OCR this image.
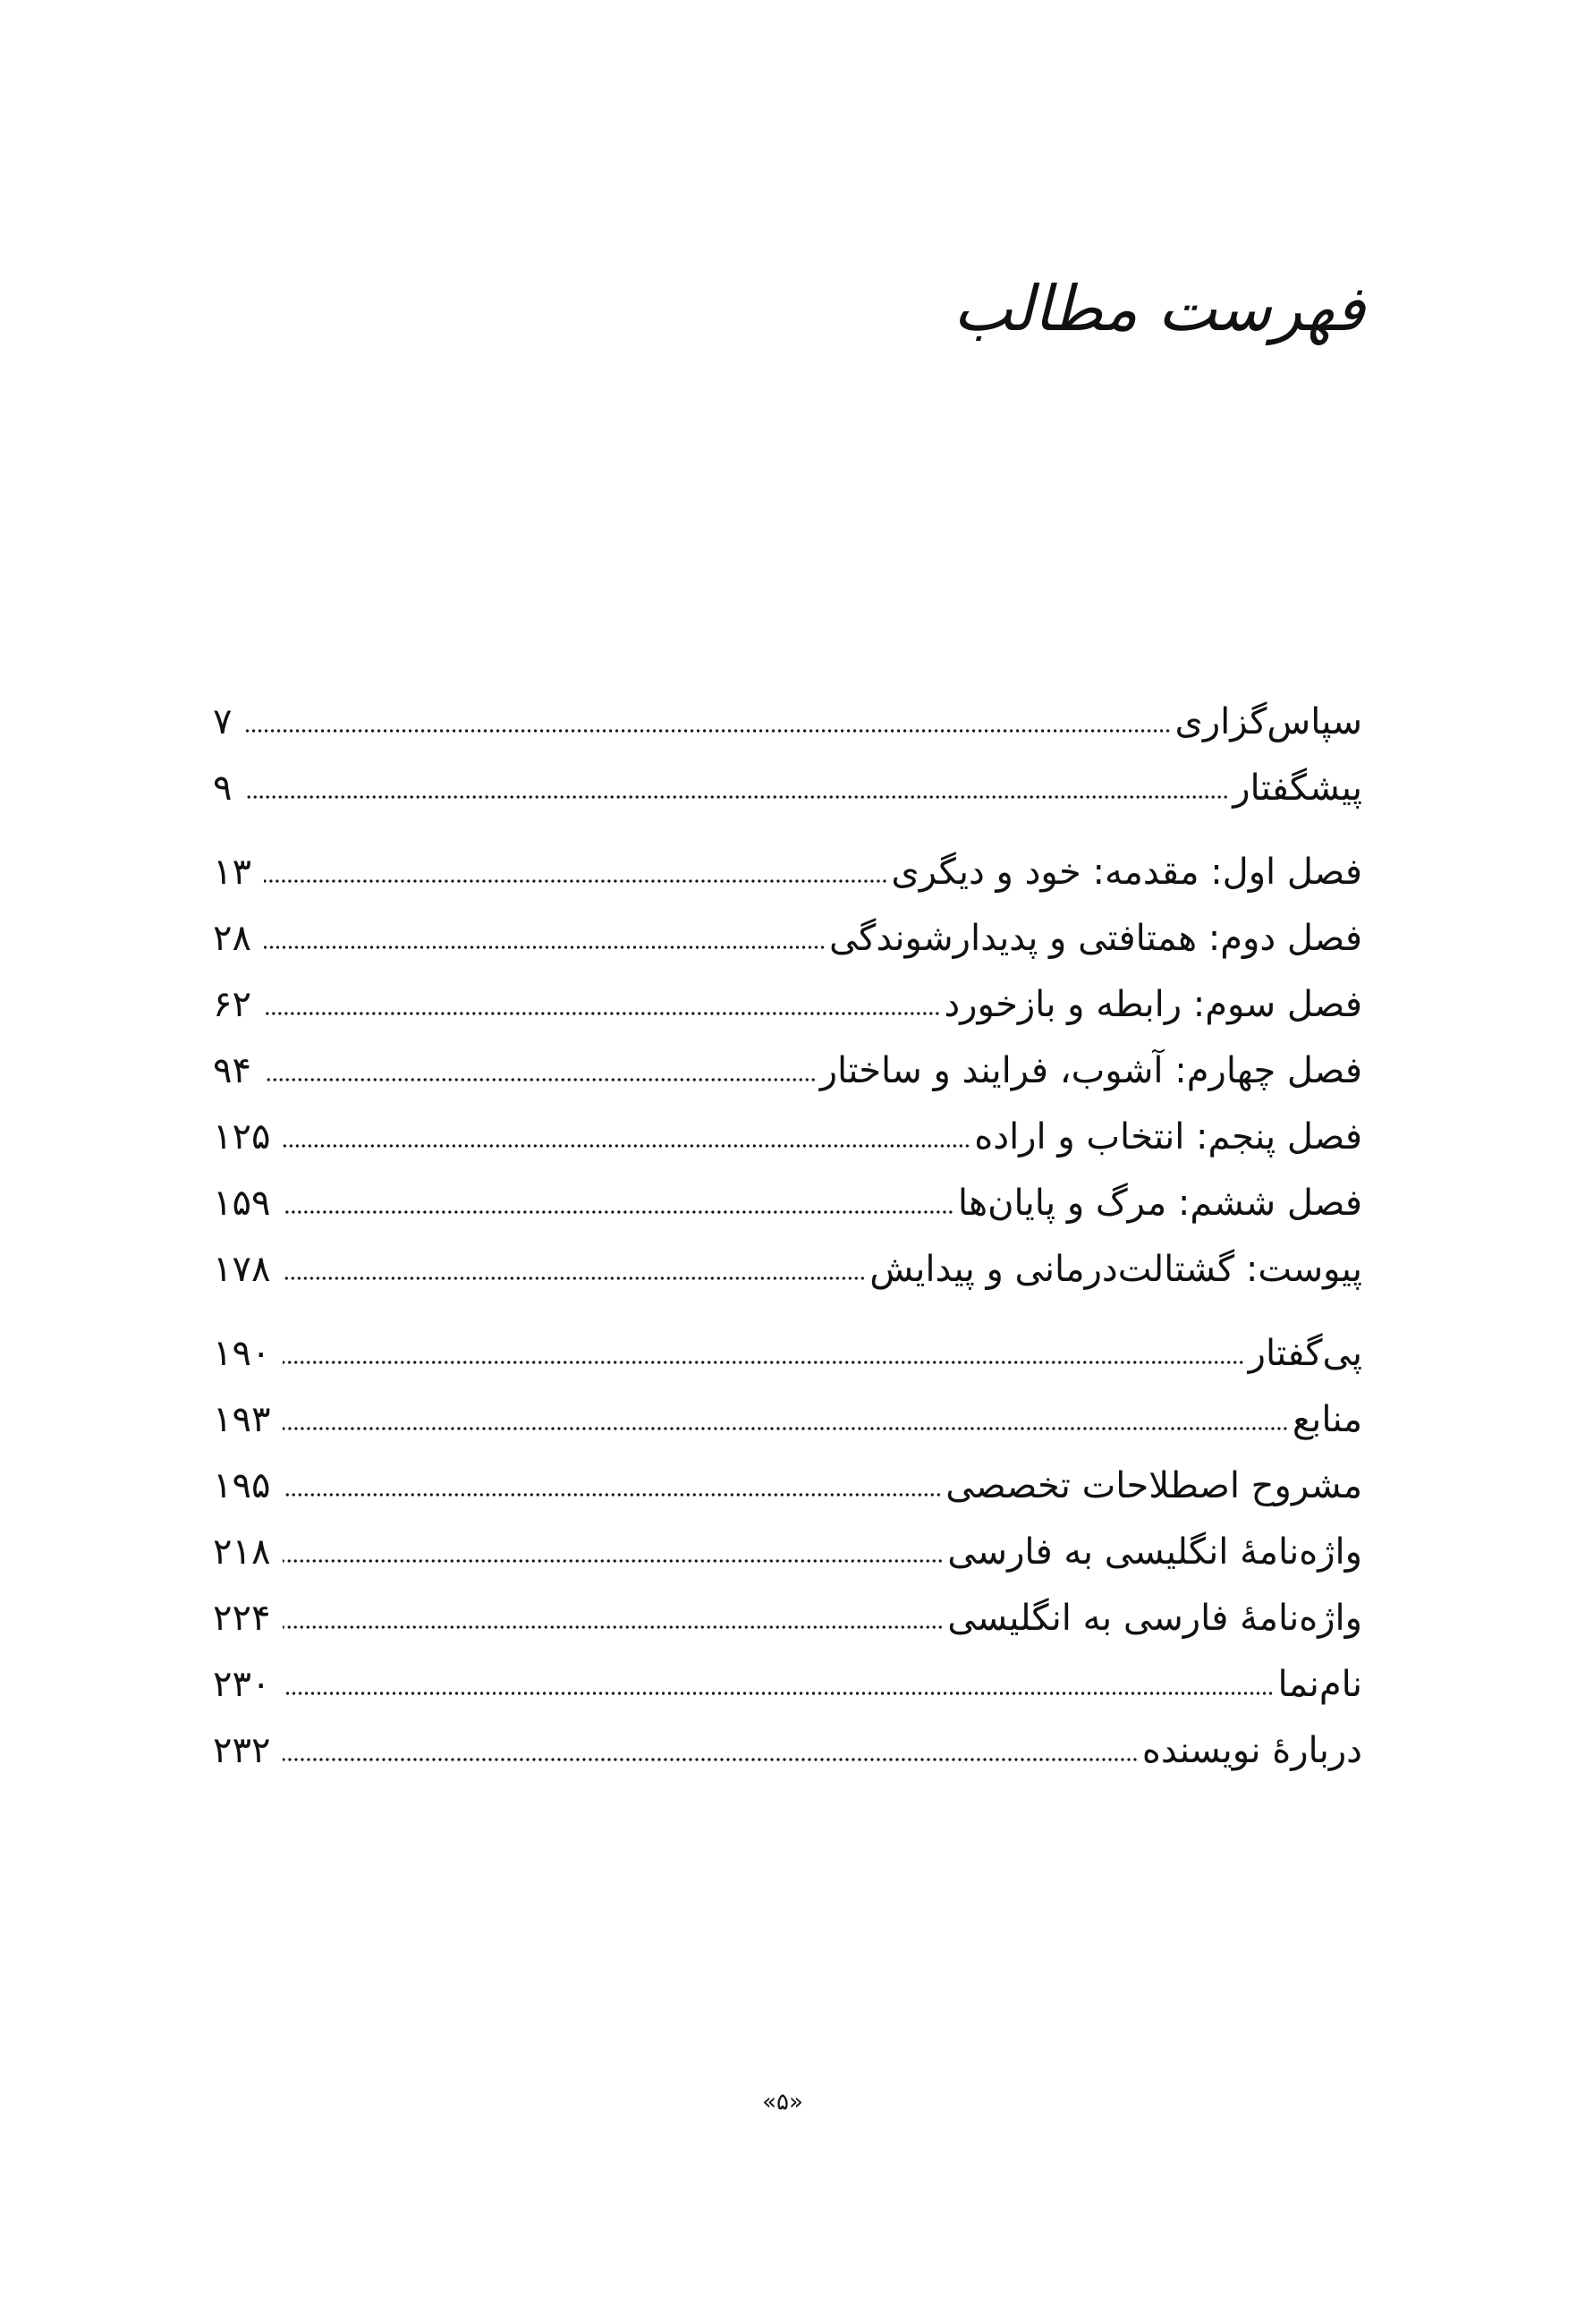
فهرست مطالب
سپاس‌گزاری
۷
پیشگفتار
۹
فصل اول: مقدمه: خود و دیگری
۱۳
فصل دوم: همتافتی و پدیدارشوندگی
۲۸
فصل سوم: رابطه و بازخورد
۶۲
فصل چهارم: آشوب، فرایند و ساختار
۹۴
فصل پنجم: انتخاب و اراده
۱۲۵
فصل ششم: مرگ و پایان‌ها
۱۵۹
پیوست: گشتالت‌درمانی و پیدایش
۱۷۸
پی‌گفتار
۱۹۰
منابع
۱۹۳
مشروح اصطلاحات تخصصی
۱۹۵
واژه‌نامهٔ انگلیسی به فارسی
۲۱۸
واژه‌نامهٔ فارسی به انگلیسی
۲۲۴
نام‌نما
۲۳۰
دربارهٔ نویسنده
۲۳۲
«۵»
